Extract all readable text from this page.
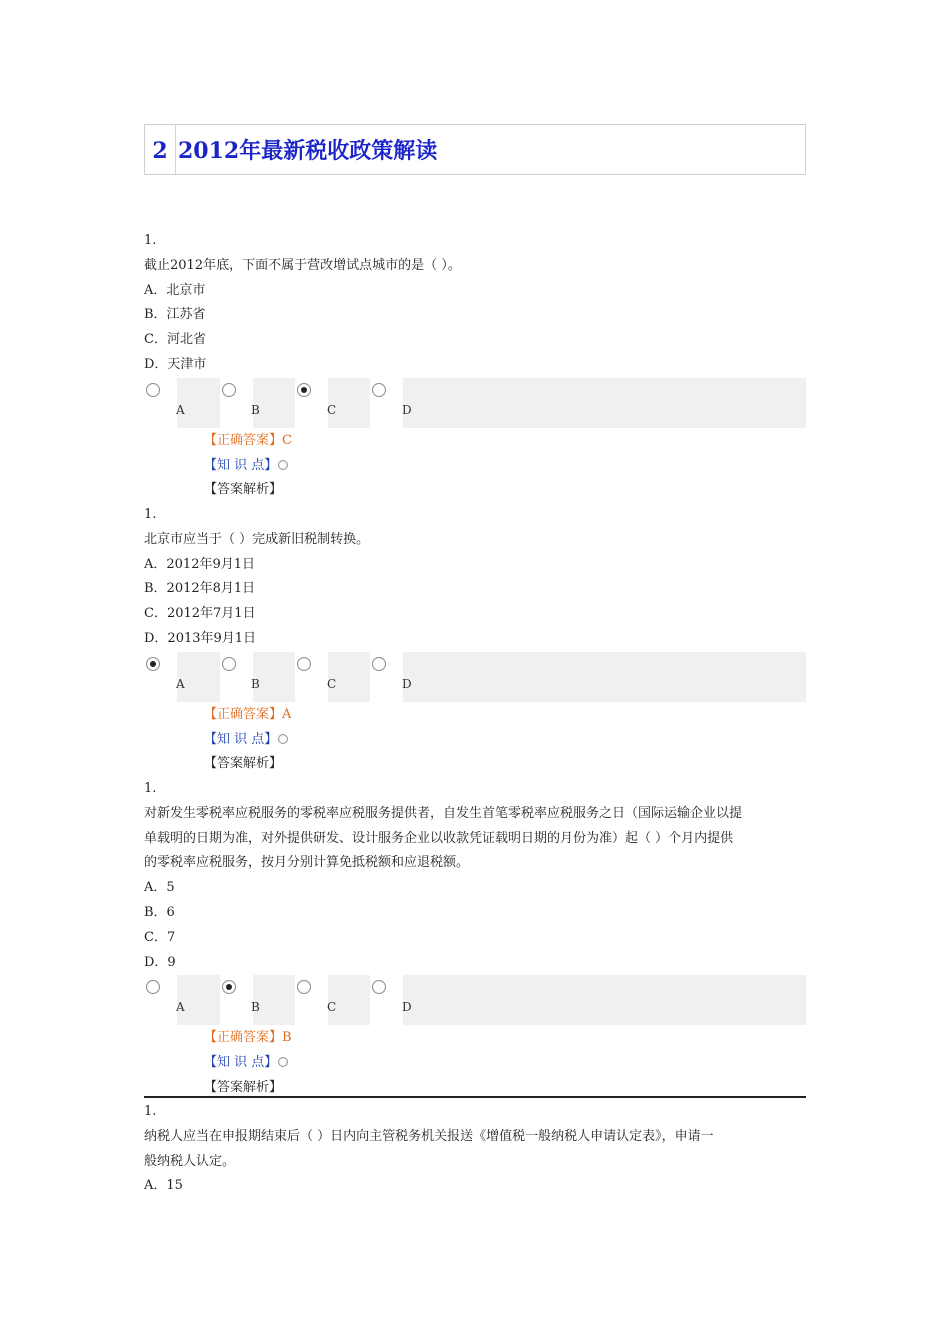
2 2012年最新税收政策解读
1.
截止2012年底，下面不属于营改增试点城市的是（ ）。
A．北京市
B．江苏省
C．河北省
D．天津市
A	B	C	D
【正确答案】C
【知 识 点】
【答案解析】
1.
北京市应当于（ ）完成新旧税制转换。
A．2012年9月1日
B．2012年8月1日
C．2012年7月1日
D．2013年9月1日
A	B	C	D
【正确答案】A
【知 识 点】
【答案解析】
1.
对新发生零税率应税服务的零税率应税服务提供者，自发生首笔零税率应税服务之日（国际运输企业以提
单载明的日期为准，对外提供研发、设计服务企业以收款凭证载明日期的月份为准）起（ ）个月内提供
的零税率应税服务，按月分别计算免抵税额和应退税额。
A．5
B．6
C．7
D．9
A	B	C	D
【正确答案】B
【知 识 点】
【答案解析】
1.
纳税人应当在申报期结束后（ ）日内向主管税务机关报送《增值税一般纳税人申请认定表》，申请一
般纳税人认定。
A．15
